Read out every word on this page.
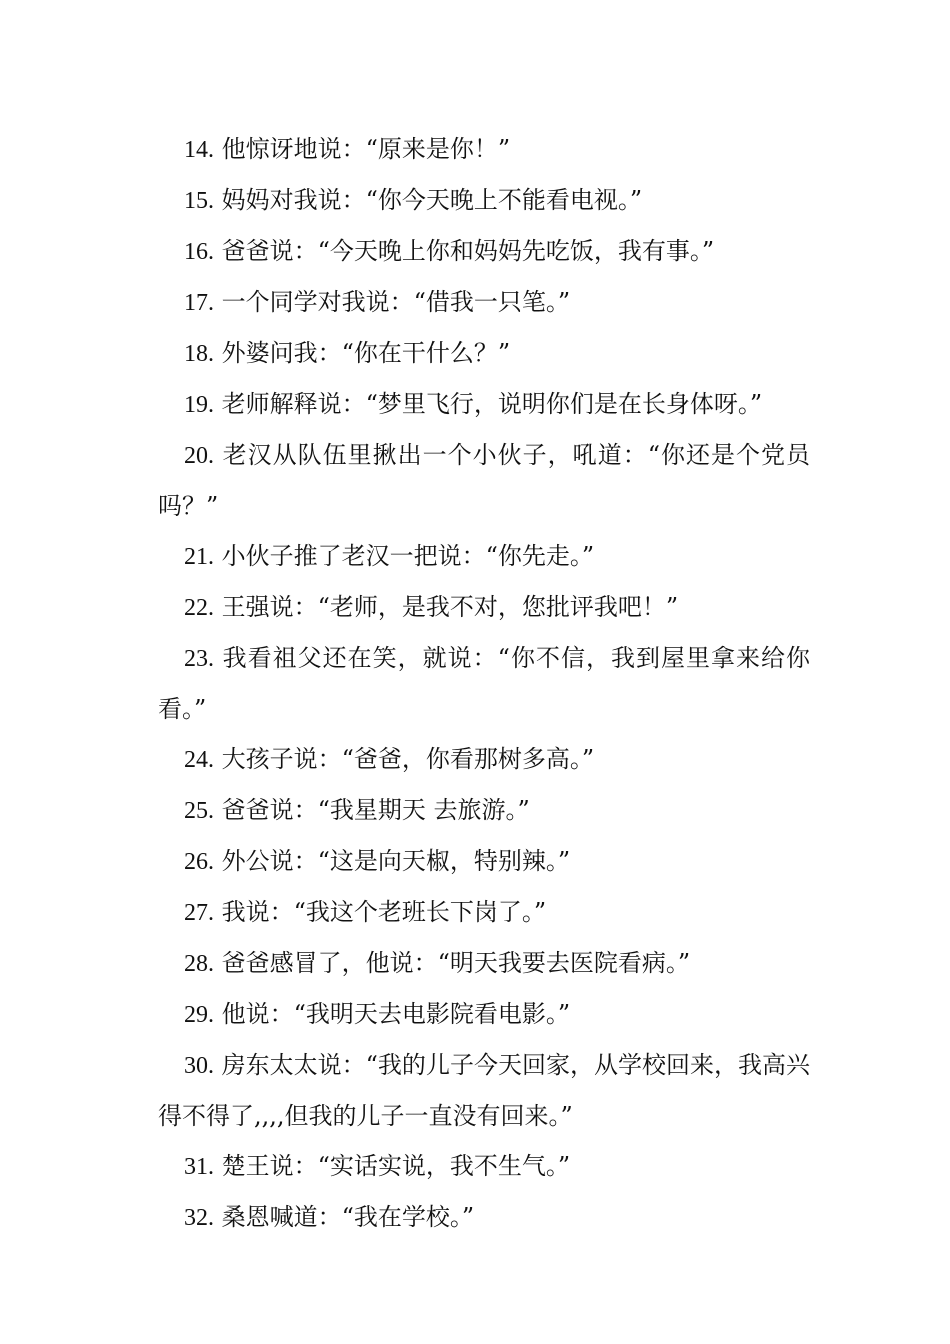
14. 他惊讶地说：“原来是你！”

15. 妈妈对我说：“你今天晚上不能看电视。”

16. 爸爸说：“今天晚上你和妈妈先吃饭，我有事。”

17. 一个同学对我说：“借我一只笔。”

18. 外婆问我：“你在干什么？”

19. 老师解释说：“梦里飞行，说明你们是在长身体呀。”

20. 老汉从队伍里揪出一个小伙子，吼道：“你还是个党员吗？”

21. 小伙子推了老汉一把说：“你先走。”

22. 王强说：“老师，是我不对，您批评我吧！”

23. 我看祖父还在笑，就说：“你不信，我到屋里拿来给你看。”

24. 大孩子说：“爸爸，你看那树多高。”

25. 爸爸说：“我星期天 去旅游。”

26. 外公说：“这是向天椒，特别辣。”

27. 我说：“我这个老班长下岗了。”

28. 爸爸感冒了，他说：“明天我要去医院看病。”

29. 他说：“我明天去电影院看电影。”

30. 房东太太说：“我的儿子今天回家，从学校回来，我高兴得不得了,,,,但我的儿子一直没有回来。”

31. 楚王说：“实话实说，我不生气。”

32. 桑恩喊道：“我在学校。”
